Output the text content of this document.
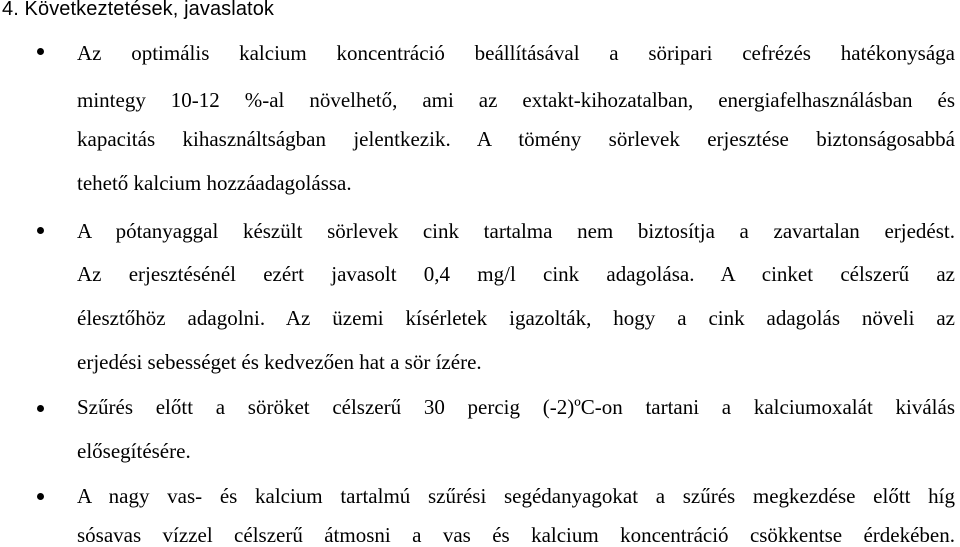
4. Következtetések, javaslatok

Az optimális kalcium koncentráció beállításával a söripari cefrézés hatékonysága

mintegy 10-12 %-al növelhető, ami az extakt-kihozatalban, energiafelhasználásban és

kapacitás kihasználtságban jelentkezik. A tömény sörlevek erjesztése biztonságosabbá

tehető kalcium hozzáadagolássa.

A pótanyaggal készült sörlevek cink tartalma nem biztosítja a zavartalan erjedést.

Az erjesztésénél ezért javasolt 0,4 mg/l cink adagolása. A cinket célszerű az

élesztőhöz adagolni. Az üzemi kísérletek igazolták, hogy a cink adagolás növeli az

erjedési sebességet és kedvezően hat a sör ízére.

Szűrés előtt a söröket célszerű 30 percig (-2)ºC-on tartani a kalciumoxalát kiválás

elősegítésére.

A nagy vas- és kalcium tartalmú szűrési segédanyagokat a szűrés megkezdése előtt híg

sósavas vízzel célszerű átmosni a vas és kalcium koncentráció csökkentse érdekében.
